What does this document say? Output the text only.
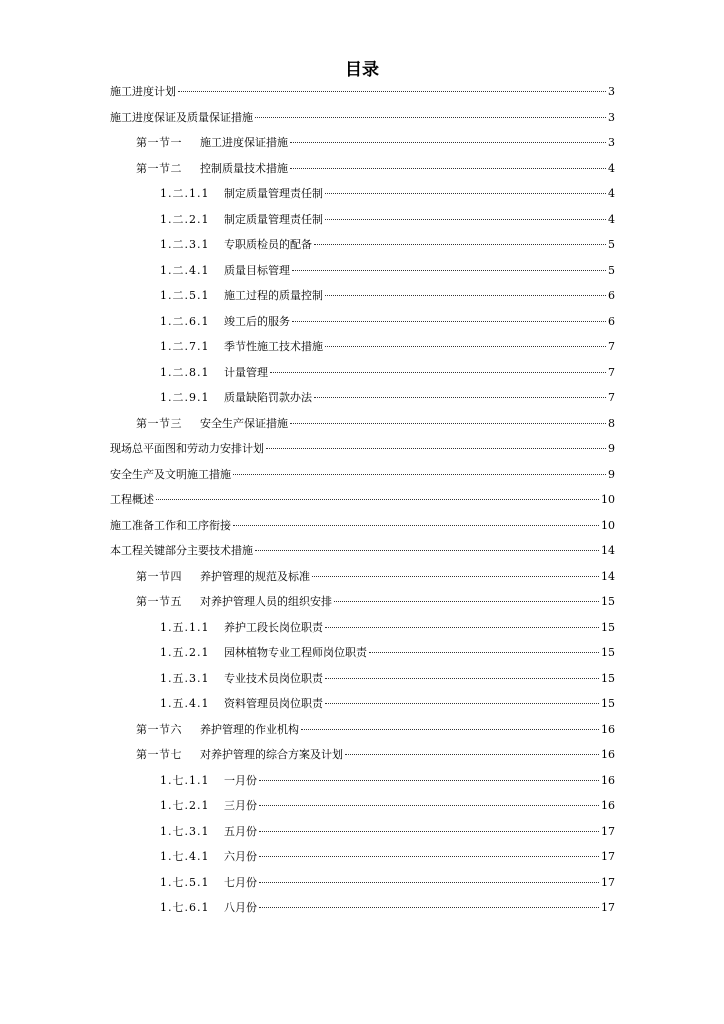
目录
施工进度计划	3
施工进度保证及质量保证措施	3
第一节一	施工进度保证措施	3
第一节二	控制质量技术措施	4
1.二.1.1	制定质量管理责任制	4
1.二.2.1	制定质量管理责任制	4
1.二.3.1	专职质检员的配备	5
1.二.4.1	质量目标管理	5
1.二.5.1	施工过程的质量控制	6
1.二.6.1	竣工后的服务	6
1.二.7.1	季节性施工技术措施	7
1.二.8.1	计量管理	7
1.二.9.1	质量缺陷罚款办法	7
第一节三	安全生产保证措施	8
现场总平面图和劳动力安排计划	9
安全生产及文明施工措施	9
工程概述	10
施工准备工作和工序衔接	10
本工程关键部分主要技术措施	14
第一节四	养护管理的规范及标准	14
第一节五	对养护管理人员的组织安排	15
1.五.1.1	养护工段长岗位职责	15
1.五.2.1	园林植物专业工程师岗位职责	15
1.五.3.1	专业技术员岗位职责	15
1.五.4.1	资料管理员岗位职责	15
第一节六	养护管理的作业机构	16
第一节七	对养护管理的综合方案及计划	16
1.七.1.1	一月份	16
1.七.2.1	三月份	16
1.七.3.1	五月份	17
1.七.4.1	六月份	17
1.七.5.1	七月份	17
1.七.6.1	八月份	17
